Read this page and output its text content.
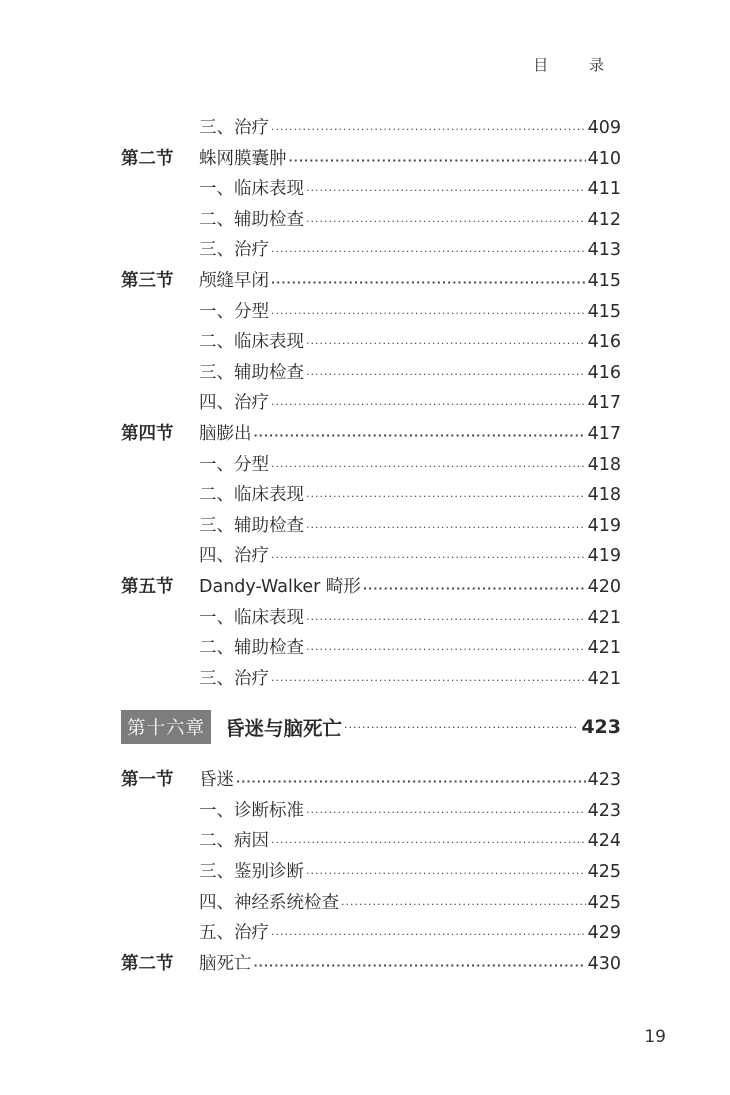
目 录
三、治疗 ·····	409
第二节	蛛网膜囊肿 ·····	410
一、临床表现 ·····	411
二、辅助检查 ·····	412
三、治疗 ·····	413
第三节	颅缝早闭 ·····	415
一、分型 ·····	415
二、临床表现 ·····	416
三、辅助检查 ·····	416
四、治疗 ·····	417
第四节	脑膨出 ·····	417
一、分型 ·····	418
二、临床表现 ·····	418
三、辅助检查 ·····	419
四、治疗 ·····	419
第五节	Dandy-Walker 畸形 ·····	420
一、临床表现 ·····	421
二、辅助检查 ·····	421
三、治疗 ·····	421
第十六章	昏迷与脑死亡 ·····	423
第一节	昏迷 ·····	423
一、诊断标准 ·····	423
二、病因 ·····	424
三、鉴别诊断 ·····	425
四、神经系统检查 ·····	425
五、治疗 ·····	429
第二节	脑死亡 ·····	430
19
